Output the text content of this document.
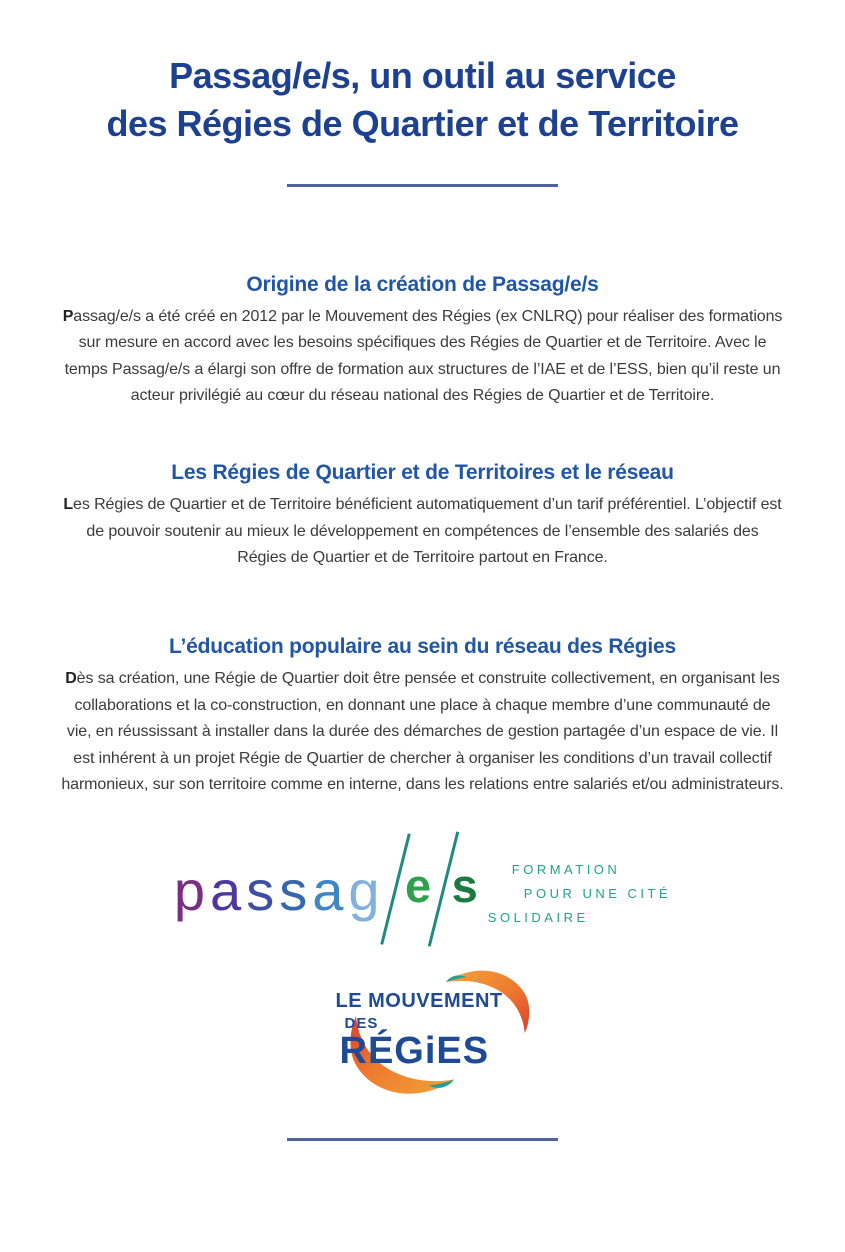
Passag/e/s, un outil au service
des Régies de Quartier et de Territoire
Origine de la création de Passag/e/s

Passag/e/s a été créé en 2012 par le Mouvement des Régies (ex CNLRQ) pour réaliser des formations sur mesure en accord avec les besoins spécifiques des Régies de Quartier et de Territoire. Avec le temps Passag/e/s a élargi son offre de formation aux structures de l’IAE et de l’ESS, bien qu’il reste un acteur privilégié au cœur du réseau national des Régies de Quartier et de Territoire.

Les Régies de Quartier et de Territoires et le réseau

Les Régies de Quartier et de Territoire bénéficient automatiquement d’un tarif préférentiel. L’objectif est de pouvoir soutenir au mieux le développement en compétences de l’ensemble des salariés des Régies de Quartier et de Territoire partout en France.

L’éducation populaire au sein du réseau des Régies

Dès sa création, une Régie de Quartier doit être pensée et construite collectivement, en organisant les collaborations et la co-construction, en donnant une place à chaque membre d’une communauté de vie, en réussissant à installer dans la durée des démarches de gestion partagée d’un espace de vie. Il est inhérent à un projet Régie de Quartier de chercher à organiser les conditions d’un travail collectif harmonieux, sur son territoire comme en interne, dans les relations entre salariés et/ou administrateurs.

passag e s	FORMATION
POUR UNE CITÉ
SOLIDAIRE
LE MOUVEMENT
DES
RÉGiES
